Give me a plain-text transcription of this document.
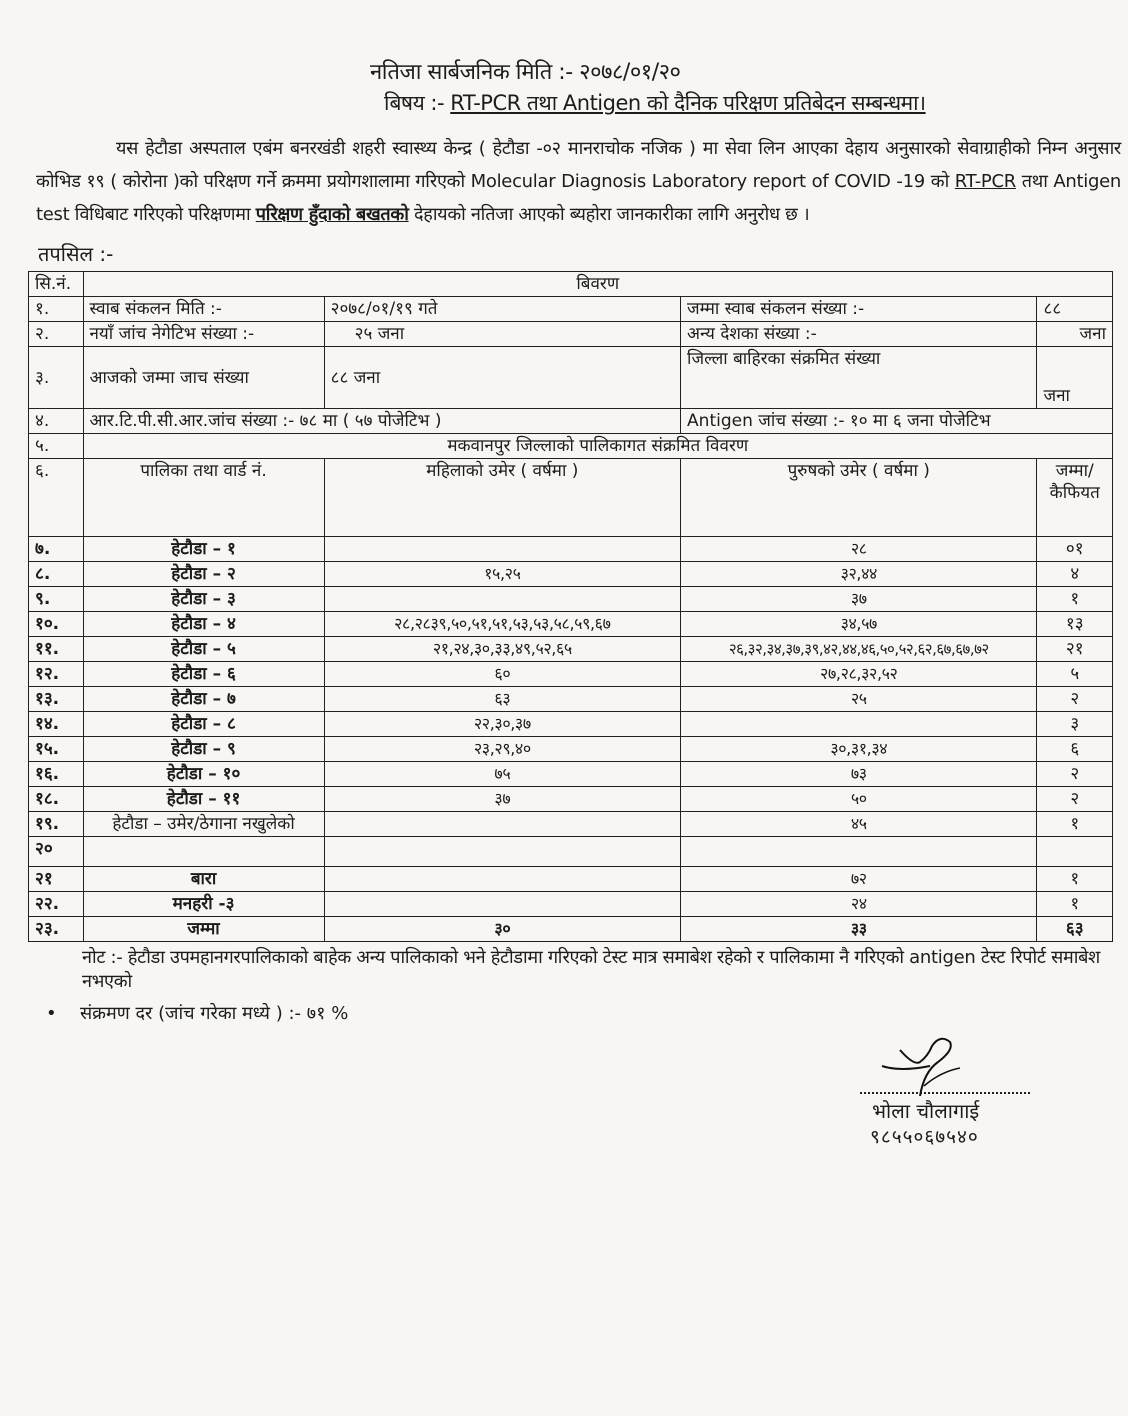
नतिजा सार्बजनिक मिति :- २०७८/०१/२०
बिषय :- RT-PCR तथा Antigen को दैनिक परिक्षण प्रतिबेदन सम्बन्धमा।
यस हेटौडा अस्पताल एबंम बनरखंडी शहरी स्वास्थ्य केन्द्र ( हेटौडा -०२ मानराचोक नजिक ) मा सेवा लिन आएका देहाय अनुसारको सेवाग्राहीको निम्न अनुसार कोभिड १९ ( कोरोना )को परिक्षण गर्ने क्रममा प्रयोगशालामा गरिएको Molecular Diagnosis Laboratory report of COVID -19 को RT-PCR तथा Antigen test विधिबाट गरिएको परिक्षणमा परिक्षण हुँदाको बखतको देहायको नतिजा आएको ब्यहोरा जानकारीका लागि अनुरोध छ ।
तपसिल :-
सि.नं.	बिवरण			
१.	स्वाब संकलन मिति :-	२०७८/०१/१९ गते	जम्मा स्वाब संकलन संख्या :-	८८
२.	नयाँ जांच नेगेटिभ संख्या :-	२५ जना	अन्य देशका संख्या :-	जना
३.	आजको जम्मा जाच संख्या	८८ जना	जिल्ला बाहिरका संक्रमित संख्या	जना
४.	आर.टि.पी.सी.आर.जांच संख्या :- ७८ मा ( ५७ पोजेटिभ )		Antigen जांच संख्या :- १० मा ६ जना पोजेटिभ	
५.	मकवानपुर जिल्लाको पालिकागत संक्रमित विवरण			
६.	पालिका तथा वार्ड नं.	महिलाको उमेर ( वर्षमा )	पुरुषको उमेर ( वर्षमा )	जम्मा/ कैफियत
७.	हेटौडा – १		२८	०१
८.	हेटौडा – २	१५,२५	३२,४४	४
९.	हेटौडा – ३		३७	१
१०.	हेटौडा – ४	२८,२८३९,५०,५१,५१,५३,५३,५८,५९,६७	३४,५७	१३
११.	हेटौडा – ५	२१,२४,३०,३३,४९,५२,६५	२६,३२,३४,३७,३९,४२,४४,४६,५०,५२,६२,६७,६७,७२	२१
१२.	हेटौडा – ६	६०	२७,२८,३२,५२	५
१३.	हेटौडा – ७	६३	२५	२
१४.	हेटौडा – ८	२२,३०,३७		३
१५.	हेटौडा – ९	२३,२९,४०	३०,३१,३४	६
१६.	हेटौडा – १०	७५	७३	२
१८.	हेटौडा – ११	३७	५०	२
१९.	हेटौडा – उमेर/ठेगाना नखुलेको		४५	१
२०				
२१	बारा		७२	१
२२.	मनहरी -३		२४	१
२३.	जम्मा	३०	३३	६३
नोट :- हेटौडा उपमहानगरपालिकाको बाहेक अन्य पालिकाको भने हेटौडामा गरिएको टेस्ट मात्र समाबेश रहेको र पालिकामा नै गरिएको antigen टेस्ट रिपोर्ट समाबेश नभएको
• संक्रमण दर (जांच गरेका मध्ये ) :- ७१ %
भोला चौलागाई
९८५५०६७५४०
